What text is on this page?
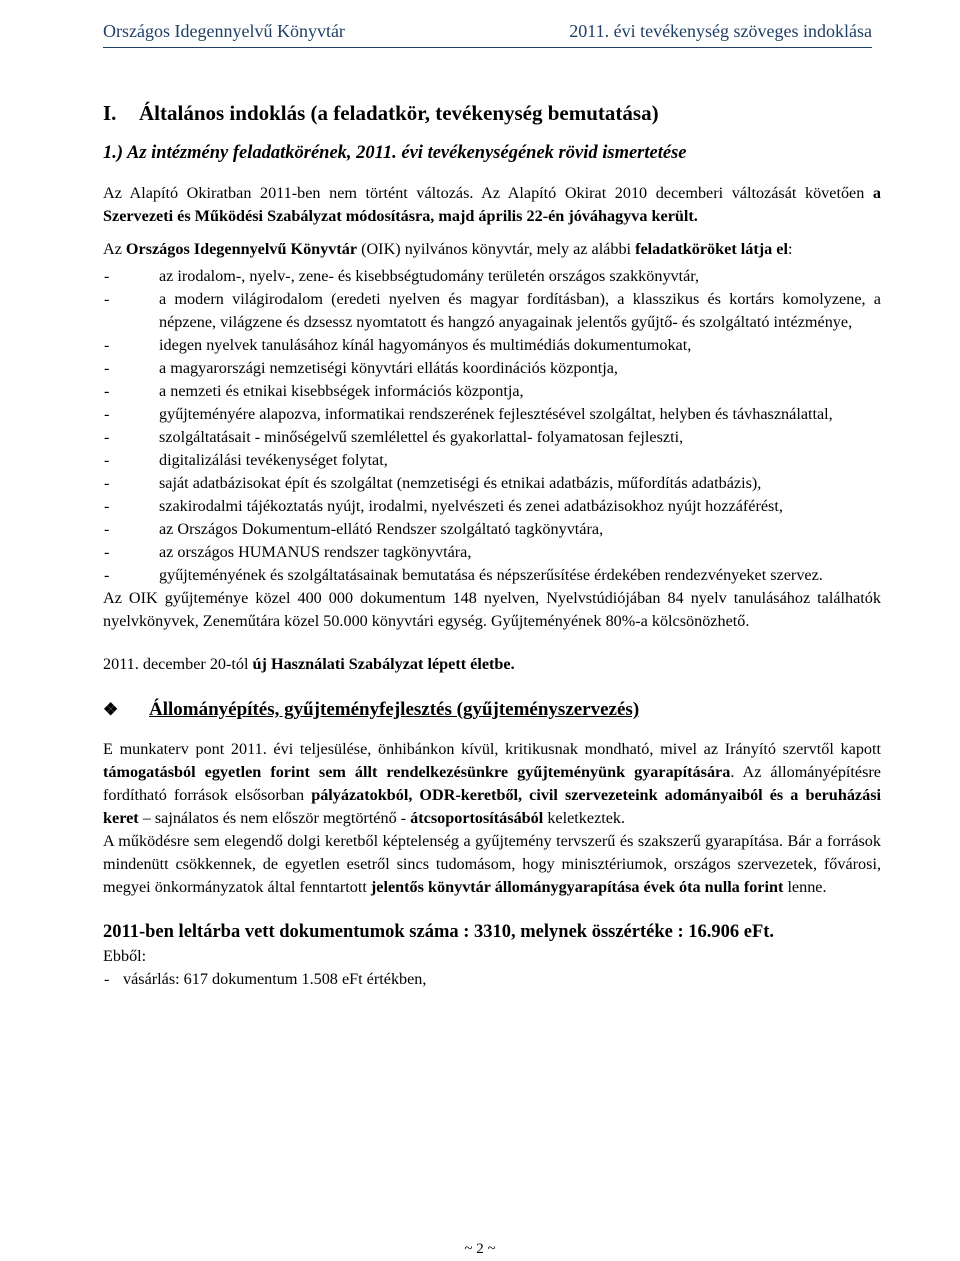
Országos Idegennyelvű Könyvtár	2011. évi tevékenység szöveges indoklása
I.	Általános indoklás (a feladatkör, tevékenység bemutatása)
1.) Az intézmény feladatkörének, 2011. évi tevékenységének rövid ismertetése

Az Alapító Okiratban 2011-ben nem történt változás. Az Alapító Okirat 2010 decemberi változását követően a Szervezeti és Működési Szabályzat módosításra, majd április 22-én jóváhagyva került.

Az Országos Idegennyelvű Könyvtár (OIK) nyilvános könyvtár, mely az alábbi feladatköröket látja el:

-	az irodalom-, nyelv-, zene- és kisebbségtudomány területén országos szakkönyvtár,
-	a modern világirodalom (eredeti nyelven és magyar fordításban), a klasszikus és kortárs komolyzene, a népzene, világzene és dzsessz nyomtatott és hangzó anyagainak jelentős gyűjtő- és szolgáltató intézménye,
-	idegen nyelvek tanulásához kínál hagyományos és multimédiás dokumentumokat,
-	a magyarországi nemzetiségi könyvtári ellátás koordinációs központja,
-	a nemzeti és etnikai kisebbségek információs központja,
-	gyűjteményére alapozva, informatikai rendszerének fejlesztésével szolgáltat, helyben és távhasználattal,
-	szolgáltatásait - minőségelvű szemlélettel és gyakorlattal- folyamatosan fejleszti,
-	digitalizálási tevékenységet folytat,
-	saját adatbázisokat épít és szolgáltat (nemzetiségi és etnikai adatbázis, műfordítás adatbázis),
-	szakirodalmi tájékoztatás nyújt, irodalmi, nyelvészeti és zenei adatbázisokhoz nyújt hozzáférést,
-	az Országos Dokumentum-ellátó Rendszer szolgáltató tagkönyvtára,
-	az országos HUMANUS rendszer tagkönyvtára,
-	gyűjteményének és szolgáltatásainak bemutatása és népszerűsítése érdekében rendezvényeket szervez.

Az OIK gyűjteménye közel 400 000 dokumentum 148 nyelven, Nyelvstúdiójában 84 nyelv tanulásához találhatók nyelvkönyvek, Zeneműtára közel 50.000 könyvtári egység. Gyűjteményének 80%-a kölcsönözhető.

2011. december 20-tól új Használati Szabályzat lépett életbe.

❖	Állományépítés, gyűjteményfejlesztés (gyűjteményszervezés)

E munkaterv pont 2011. évi teljesülése, önhibánkon kívül, kritikusnak mondható, mivel az Irányító szervtől kapott támogatásból egyetlen forint sem állt rendelkezésünkre gyűjteményünk gyarapítására. Az állományépítésre fordítható források elsősorban pályázatokból, ODR-keretből, civil szervezeteink adományaiból és a beruházási keret – sajnálatos és nem először megtörténő - átcsoportosításából keletkeztek.

A működésre sem elegendő dolgi keretből képtelenség a gyűjtemény tervszerű és szakszerű gyarapítása. Bár a források mindenütt csökkennek, de egyetlen esetről sincs tudomásom, hogy minisztériumok, országos szervezetek, fővárosi, megyei önkormányzatok által fenntartott jelentős könyvtár állománygyarapítása évek óta nulla forint lenne.

2011-ben leltárba vett dokumentumok száma : 3310, melynek összértéke : 16.906 eFt.

Ebből:

- vásárlás: 617 dokumentum 1.508 eFt értékben,
~ 2 ~
